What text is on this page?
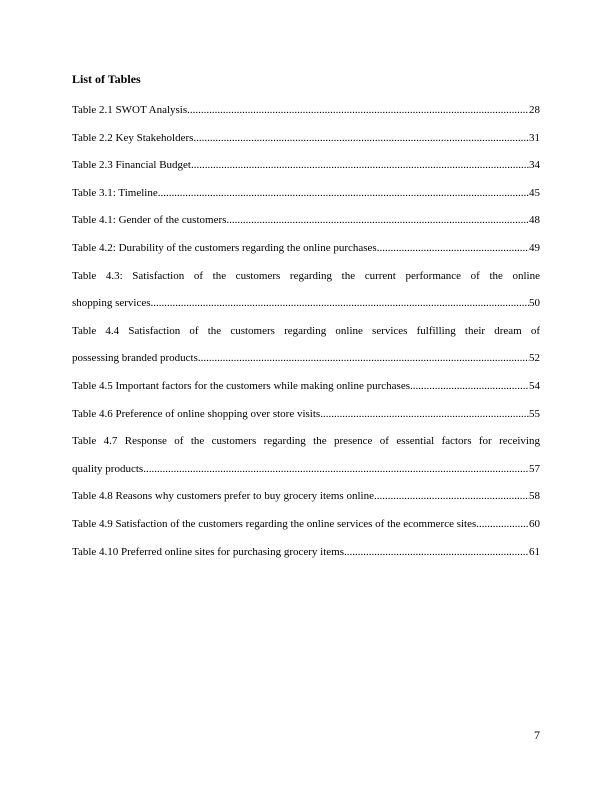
List of Tables
Table 2.1 SWOT Analysis .....	28
Table 2.2 Key Stakeholders .....	31
Table 2.3 Financial Budget .....	34
Table 3.1: Timeline .....	45
Table 4.1: Gender of the customers .....	48
Table 4.2: Durability of the customers regarding the online purchases .....	49
Table 4.3: Satisfaction of the customers regarding the current performance of the online
shopping services .....	50
Table 4.4 Satisfaction of the customers regarding online services fulfilling their dream of
possessing branded products .....	52
Table 4.5 Important factors for the customers while making online purchases .....	54
Table 4.6 Preference of online shopping over store visits .....	55
Table 4.7 Response of the customers regarding the presence of essential factors for receiving
quality products .....	57
Table 4.8 Reasons why customers prefer to buy grocery items online .....	58
Table 4.9 Satisfaction of the customers regarding the online services of the ecommerce sites .....	60
Table 4.10 Preferred online sites for purchasing grocery items .....	61
7
